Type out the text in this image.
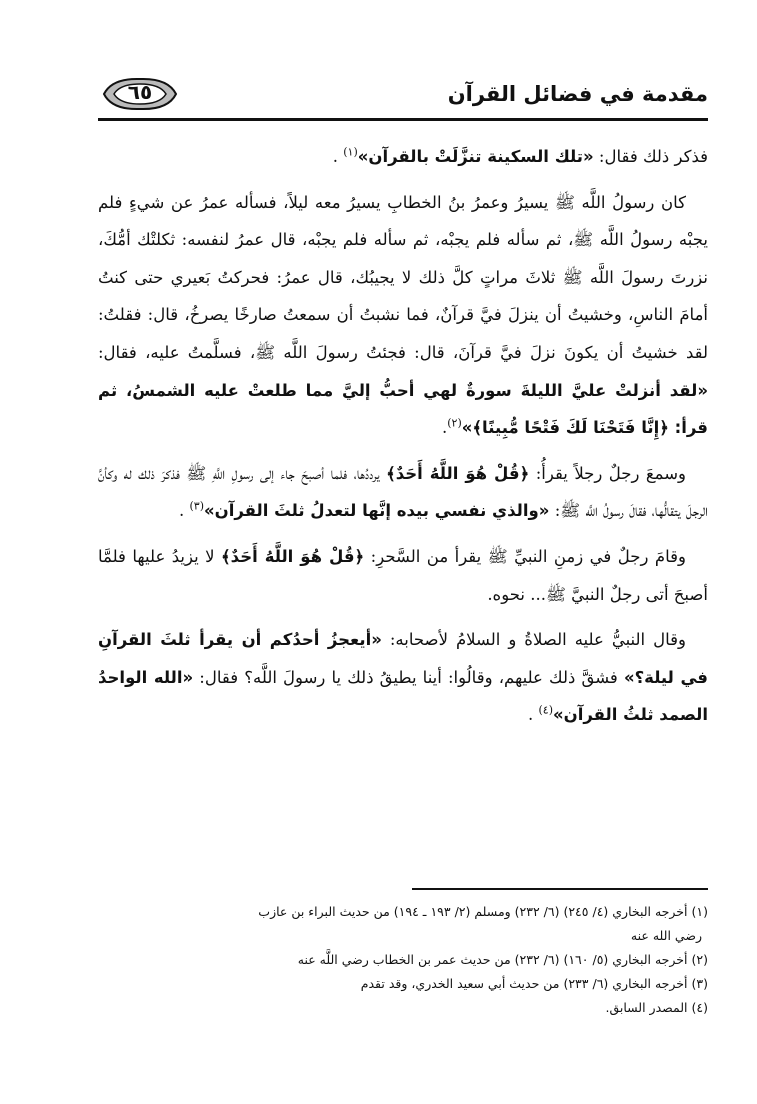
٦٥	مقدمة في فضائل القرآن

فذكر ذلك فقال: «تلك السكينة تنزَّلَتْ بالقرآن»$^{(١)}$ .

كان رسولُ اللَّه ﷺ يسيرُ وعمرُ بنُ الخطابِ يسيرُ معه ليلاً، فسأله عمرُ عن شيءٍ فلم يجبْه رسولُ اللَّه ﷺ، ثم سأله فلم يجبْه، ثم سأله فلم يجبْه، قال عمرُ لنفسه: ثكلتْك أمُّكَ، نزرتَ رسولَ اللَّه ﷺ ثلاثَ مراتٍ كلَّ ذلك لا يجيبُك، قال عمرُ: فحركتُ بَعيري حتى كنتُ أمامَ الناسِ، وخشيتُ أن ينزلَ فيَّ قرآنٌ، فما نشبتُ أن سمعتُ صارخًا يصرخُ، قال: فقلتُ: لقد خشيتُ أن يكونَ نزلَ فيَّ قرآنَ، قال: فجئتُ رسولَ اللَّه ﷺ، فسلَّمتُ عليه، فقال: «لقد أنزلتْ عليَّ الليلةَ سورةٌ لهي أحبُّ إليَّ مما طلعتْ عليه الشمسُ، ثم قرأ: ﴿إِنَّا فَتَحْنَا لَكَ فَتْحًا مُّبِينًا﴾»$^{(٢)}$.

وسمعَ رجلٌ رجلاً يقرأُ: ﴿قُلْ هُوَ اللَّهُ أَحَدٌ﴾ يرددُها، فلما أصبحَ جاء إلى رسولِ اللَّهِ ﷺ فذكرَ ذلك له وكأنَّ الرجلَ يتقالُّها، فقالَ رسولُ اللَّه ﷺ: «والذي نفسي بيده إنَّها لتعدلُ ثلثَ القرآن»$^{(٣)}$ .

وقامَ رجلٌ في زمنِ النبيِّ ﷺ يقرأ من السَّحرِ: ﴿قُلْ هُوَ اللَّهُ أَحَدٌ﴾ لا يزيدُ عليها فلمَّا أصبحَ أتى رجلٌ النبيَّ ﷺ... نحوه.

وقال النبيُّ عليه الصلاةُ و السلامُ لأصحابه: «أيعجزُ أحدُكم أن يقرأ ثلثَ القرآنِ في ليلة؟» فشقَّ ذلك عليهم، وقالُوا: أينا يطيقُ ذلك يا رسولَ اللَّه؟ فقال: «الله الواحدُ الصمد ثلثُ القرآن»$^{(٤)}$ .

(١) أخرجه البخاري (٤/ ٢٤٥) (٦/ ٢٣٢) ومسلم (٢/ ١٩٣ ـ ١٩٤) من حديث البراء بن عازب

رضي الله عنه

(٢) أخرجه البخاري (٥/ ١٦٠) (٦/ ٢٣٢) من حديث عمر بن الخطاب رضي اللَّه عنه

(٣) أخرجه البخاري (٦/ ٢٣٣) من حديث أبي سعيد الخدري، وقد تقدم

(٤) المصدر السابق.
